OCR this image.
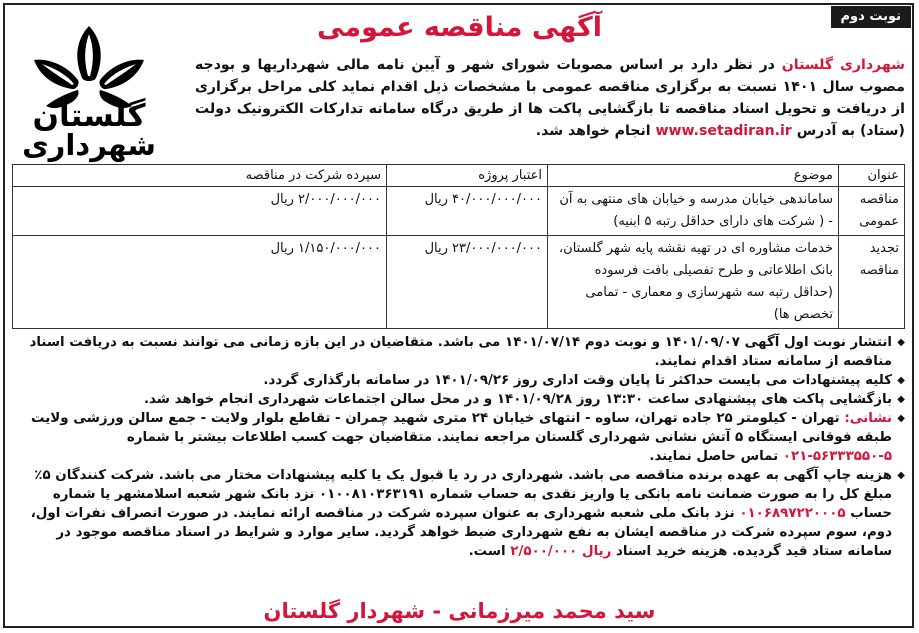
نوبت دوم
آگهی مناقصه عمومی
گلستان
شهرداری
شهرداری گلستان در نظر دارد بر اساس مصوبات شورای شهر و آیین نامه مالی شهرداریها و بودجه مصوب سال ۱۴۰۱ نسبت به برگزاری مناقصه عمومی با مشخصات ذیل اقدام نماید کلی مراحل برگزاری از دریافت و تحویل اسناد مناقصه تا بازگشایی پاکت ها از طریق درگاه سامانه تدارکات الکترونیک دولت (ستاد) به آدرس www.setadiran.ir انجام خواهد شد.
عنوان	موضوع	اعتبار پروژه	سپرده شرکت در مناقصه
مناقصه عمومی	ساماندهی خیابان مدرسه و خیابان های منتهی به آن - ( شرکت های دارای حداقل رتبه ۵ ابنیه)	۴۰/۰۰۰/۰۰۰/۰۰۰ ریال	۲/۰۰۰/۰۰۰/۰۰۰ ریال
تجدید مناقصه	خدمات مشاوره ای در تهیه نقشه پایه شهر گلستان، بانک اطلاعاتی و طرح تفصیلی بافت فرسوده (حداقل رتبه سه شهرسازی و معماری - تمامی تخصص ها)	۲۳/۰۰۰/۰۰۰/۰۰۰ ریال	۱/۱۵۰/۰۰۰/۰۰۰ ریال
◆ انتشار نوبت اول آگهی ۱۴۰۱/۰۹/۰۷ و نوبت دوم ۱۴۰۱/۰۷/۱۴ می باشد. متقاضیان در این بازه زمانی می توانند نسبت به دریافت اسناد مناقصه از سامانه ستاد اقدام نمایند.
◆ کلیه پیشنهادات می بایست حداکثر تا پایان وقت اداری روز ۱۴۰۱/۰۹/۲۶ در سامانه بارگذاری گردد.
◆ بازگشایی پاکت های پیشنهادی ساعت ۱۳:۳۰ روز ۱۴۰۱/۰۹/۲۸ و در محل سالن اجتماعات شهرداری انجام خواهد شد.
◆ نشانی: تهران - کیلومتر ۲۵ جاده تهران، ساوه - انتهای خیابان ۲۴ متری شهید چمران - تقاطع بلوار ولایت - جمع سالن ورزشی ولایت طبقه فوقانی ایستگاه ۵ آتش نشانی شهرداری گلستان مراجعه نمایند. متقاضیان جهت کسب اطلاعات بیشتر با شماره ۰۲۱-۵۶۳۳۳۵۵۰-۵ تماس حاصل نمایند.
◆ هزینه چاپ آگهی به عهده برنده مناقصه می باشد. شهرداری در رد یا قبول یک یا کلیه پیشنهادات مختار می باشد. شرکت کنندگان ۵٪ مبلغ کل را به صورت ضمانت نامه بانکی یا واریز نقدی به حساب شماره ۰۱۰۰۸۱۰۳۶۳۱۹۱ نزد بانک شهر شعبه اسلامشهر یا شماره حساب ۰۱۰۶۸۹۷۲۲۰۰۰۵ نزد بانک ملی شعبه شهرداری به عنوان سپرده شرکت در مناقصه ارائه نمایند. در صورت انصراف نفرات اول، دوم، سوم سپرده شرکت در مناقصه ایشان به نفع شهرداری ضبط خواهد گردید. سایر موارد و شرایط در اسناد مناقصه موجود در سامانه ستاد قید گردیده. هزینه خرید اسناد ۲/۵۰۰/۰۰۰ ریال است.
سید محمد میرزمانی - شهردار گلستان
